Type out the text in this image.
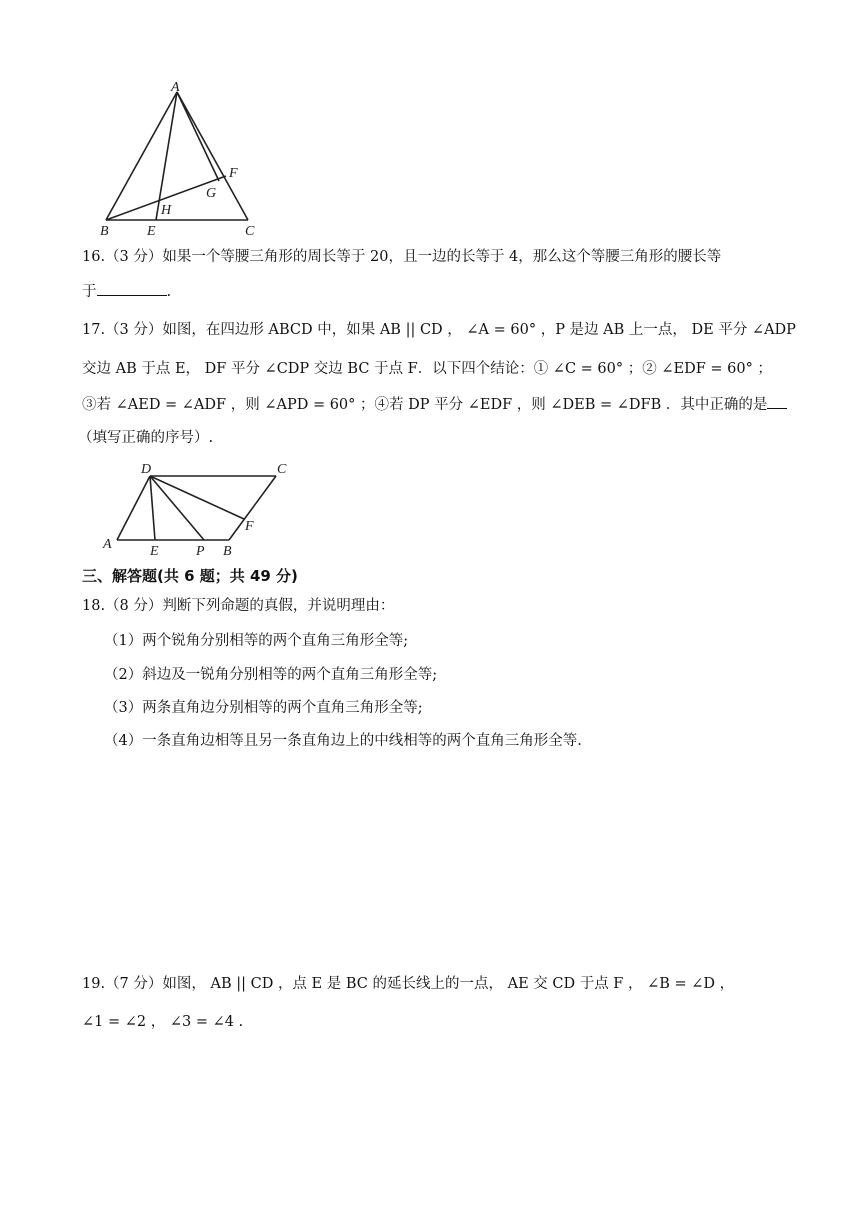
A
B	C
E
F
G
H
16.（3 分）如果一个等腰三角形的周长等于 20，且一边的长等于 4，那么这个等腰三角形的腰长等
于	.
17.（3 分）如图，在四边形 ABCD 中，如果 AB || CD ， ∠A = 60° ，P 是边 AB 上一点， DE 平分 ∠ADP
交边 AB 于点 E， DF 平分 ∠CDP 交边 BC 于点 F．以下四个结论：① ∠C = 60° ；② ∠EDF = 60° ；
③若 ∠AED = ∠ADF ，则 ∠APD = 60° ；④若 DP 平分 ∠EDF ，则 ∠DEB = ∠DFB ．其中正确的是
（填写正确的序号）.
D	C
A	E	P B
F
三、解答题(共 6 题；共 49 分)
18.（8 分）判断下列命题的真假，并说明理由：
（1）两个锐角分别相等的两个直角三角形全等;
（2）斜边及一锐角分别相等的两个直角三角形全等;
（3）两条直角边分别相等的两个直角三角形全等;
（4）一条直角边相等且另一条直角边上的中线相等的两个直角三角形全等.
19.（7 分）如图， AB || CD ，点 E 是 BC 的延长线上的一点， AE 交 CD 于点 F ， ∠B = ∠D ，
∠1 = ∠2 ， ∠3 = ∠4 .
